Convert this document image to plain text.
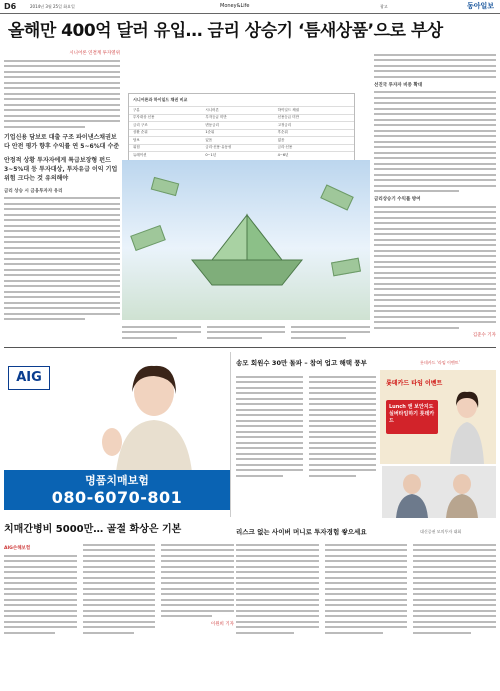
D6	2014년 3월 25일 화요일	Money&Life	광고	동아일보
올해만 400억 달러 유입… 금리 상승기 ‘틈새상품’으로 부상
시니어론 연결계 투자열위
기업신용 담보로 대출 구조 파이낸스채권보다 안전 평가 향후 수익률 연 5~6%대 수준
안정적 상황 투자자에게 특급보장형 펀드 3~5%대 등 투자대상, 투자유급 이익 기업 위험 크다는 것 유의해야
금리 상승 시 금융투자자 유리
시니어론과 하이일드 채권 비교
구분	시니어론	하이일드 채권
투자대상 신용	투자등급 미만	신용등급 미만
금리 구조	변동금리	고정금리
상환 순위	1순위	후순위
담보	있음	없음
위험	금리·신용·유동성	금리·신용
듀레이션	0~1년	4~6년
선진국 투자자 비중 확대
금리상승기 수익률 방어
김준수 기자
AIG
명품치매보험
080-6070-801
치매간병비 5000만… 골절 화상은 기본
AIG손해보험
이원희 기자
송모 회원수 30만 돌파 – 참여 업고 해택 풍부	롯데카드 ‘라임 이벤트’
롯데카드 타임 이벤트
Lunch 앤 보안지도 실버타임하기 롯데카드
리스크 없는 사이버 머니로 투자경험 쌓으세요	대신증권 모의투자 대회
